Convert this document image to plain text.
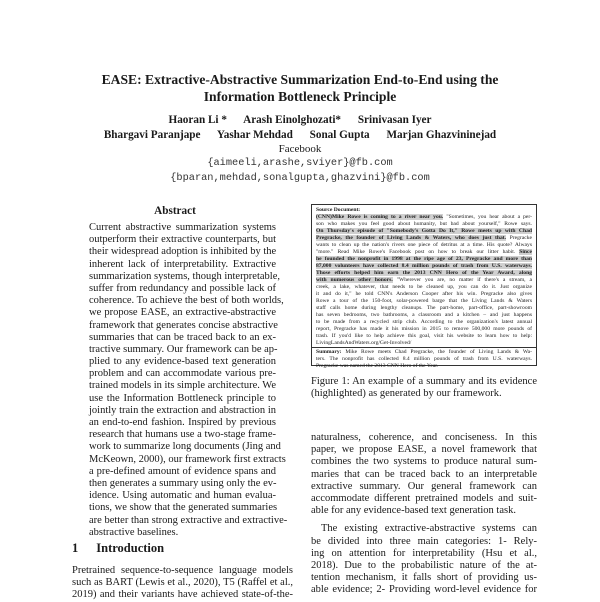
EASE: Extractive-Abstractive Summarization End-to-End using the
Information Bottleneck Principle
Haoran Li * Arash Einolghozati* Srinivasan Iyer
Bhargavi Paranjape Yashar Mehdad Sonal Gupta Marjan Ghazvininejad
Facebook
{aimeeli,arashe,sviyer}@fb.com
{bparan,mehdad,sonalgupta,ghazvini}@fb.com
Abstract
Current abstractive summarization systems
outperform their extractive counterparts, but
their widespread adoption is inhibited by the
inherent lack of interpretability. Extractive
summarization systems, though interpretable,
suffer from redundancy and possible lack of
coherence. To achieve the best of both worlds,
we propose EASE, an extractive-abstractive
framework that generates concise abstractive
summaries that can be traced back to an ex-
tractive summary. Our framework can be ap-
plied to any evidence-based text generation
problem and can accommodate various pre-
trained models in its simple architecture. We
use the Information Bottleneck principle to
jointly train the extraction and abstraction in
an end-to-end fashion. Inspired by previous
research that humans use a two-stage frame-
work to summarize long documents (Jing and
McKeown, 2000), our framework first extracts
a pre-defined amount of evidence spans and
then generates a summary using only the ev-
idence. Using automatic and human evalua-
tions, we show that the generated summaries
are better than strong extractive and extractive-
abstractive baselines.
1 Introduction
Pretrained sequence-to-sequence language models
such as BART (Lewis et al., 2020), T5 (Raffel et al.,
2019) and their variants have achieved state-of-the-
Source Document:
(CNN)Mike Rowe is coming to a river near you. "Sometimes, you hear about a per-
son who makes you feel good about humanity, but bad about yourself," Rowe says.
On Thursday's episode of "Somebody's Gotta Do It," Rowe meets up with Chad
Pregracke, the founder of Living Lands & Waters, who does just that. Pregracke
wants to clean up the nation's rivers one piece of detritus at a time. His quote? Always
"more." Read Mike Rowe's Facebook post on how to break our litter habit. Since
he founded the nonprofit in 1998 at the ripe age of 23, Pregracke and more than
87,000 volunteers have collected 8.4 million pounds of trash from U.S. waterways.
Those efforts helped him earn the 2013 CNN Hero of the Year Award, along
with numerous other honors. "Wherever you are, no matter if there's a stream, a
creek, a lake, whatever, that needs to be cleaned up, you can do it. Just organize
it and do it," he told CNN's Anderson Cooper after his win. Pregracke also gives
Rowe a tour of the 150-foot, solar-powered barge that the Living Lands & Waters
staff calls home during lengthy cleanups. The part-home, part-office, part-showroom
has seven bedrooms, two bathrooms, a classroom and a kitchen – and just happens
to be made from a recycled strip club. According to the organization's latest annual
report, Pregracke has made it his mission in 2015 to remove 500,000 more pounds of
trash. If you'd like to help achieve this goal, visit his website to learn how to help:
LivingLandsAndWaters.org/Get-Involved/
Summary: Mike Rowe meets Chad Pregracke, the founder of Living Lands & Wa-
ters. The nonprofit has collected 8.4 million pounds of trash from U.S. waterways.
Pregracke was named the 2013 CNN Hero of the Year.
Figure 1: An example of a summary and its evidence
(highlighted) as generated by our framework.
naturalness, coherence, and conciseness. In this
paper, we propose EASE, a novel framework that
combines the two systems to produce natural sum-
maries that can be traced back to an interpretable
extractive summary. Our general framework can
accommodate different pretrained models and suit-
able for any evidence-based text generation task.
The existing extractive-abstractive systems can
be divided into three main categories: 1- Rely-
ing on attention for interpretability (Hsu et al.,
2018). Due to the probabilistic nature of the at-
tention mechanism, it falls short of providing us-
able evidence; 2- Providing word-level evidence for
